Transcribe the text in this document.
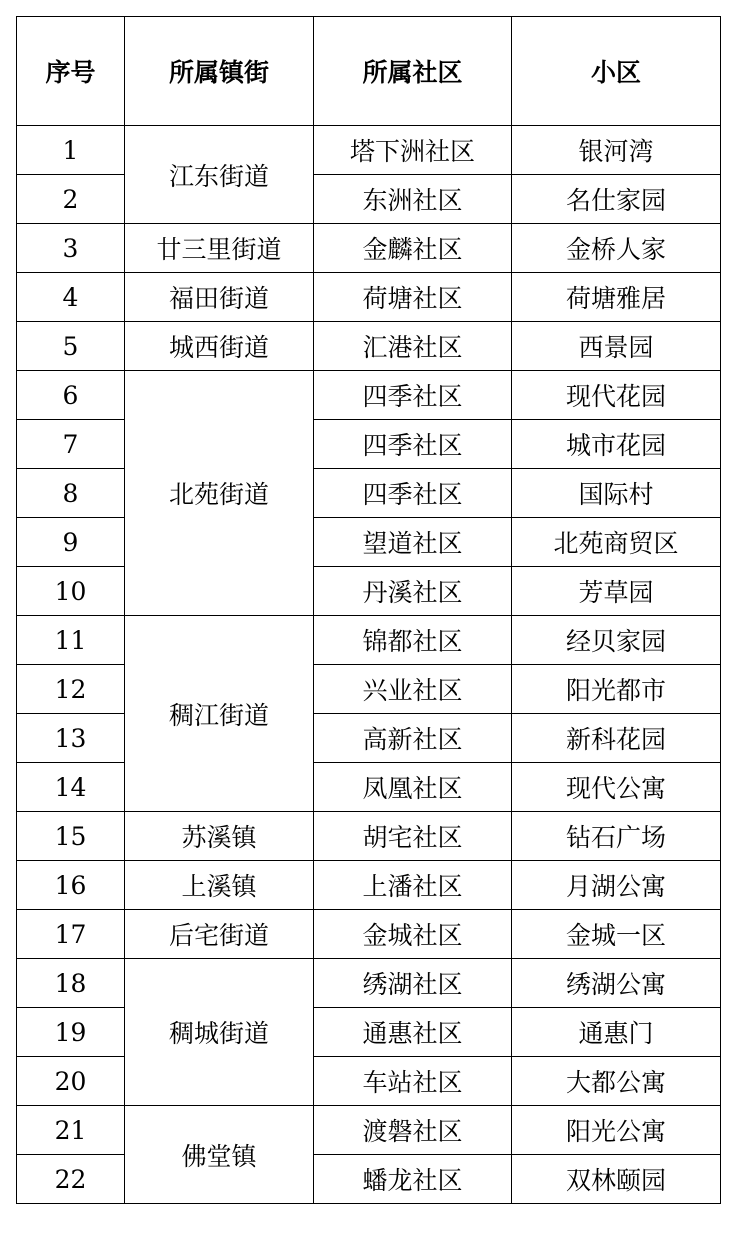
序号	所属镇街	所属社区	小区
1	江东街道	塔下洲社区	银河湾
2		东洲社区	名仕家园
3	廿三里街道	金麟社区	金桥人家
4	福田街道	荷塘社区	荷塘雅居
5	城西街道	汇港社区	西景园
6	北苑街道	四季社区	现代花园
7		四季社区	城市花园
8		四季社区	国际村
9		望道社区	北苑商贸区
10		丹溪社区	芳草园
11	稠江街道	锦都社区	经贝家园
12		兴业社区	阳光都市
13		高新社区	新科花园
14		凤凰社区	现代公寓
15	苏溪镇	胡宅社区	钻石广场
16	上溪镇	上潘社区	月湖公寓
17	后宅街道	金城社区	金城一区
18	稠城街道	绣湖社区	绣湖公寓
19		通惠社区	通惠门
20		车站社区	大都公寓
21	佛堂镇	渡磐社区	阳光公寓
22		蟠龙社区	双林颐园
